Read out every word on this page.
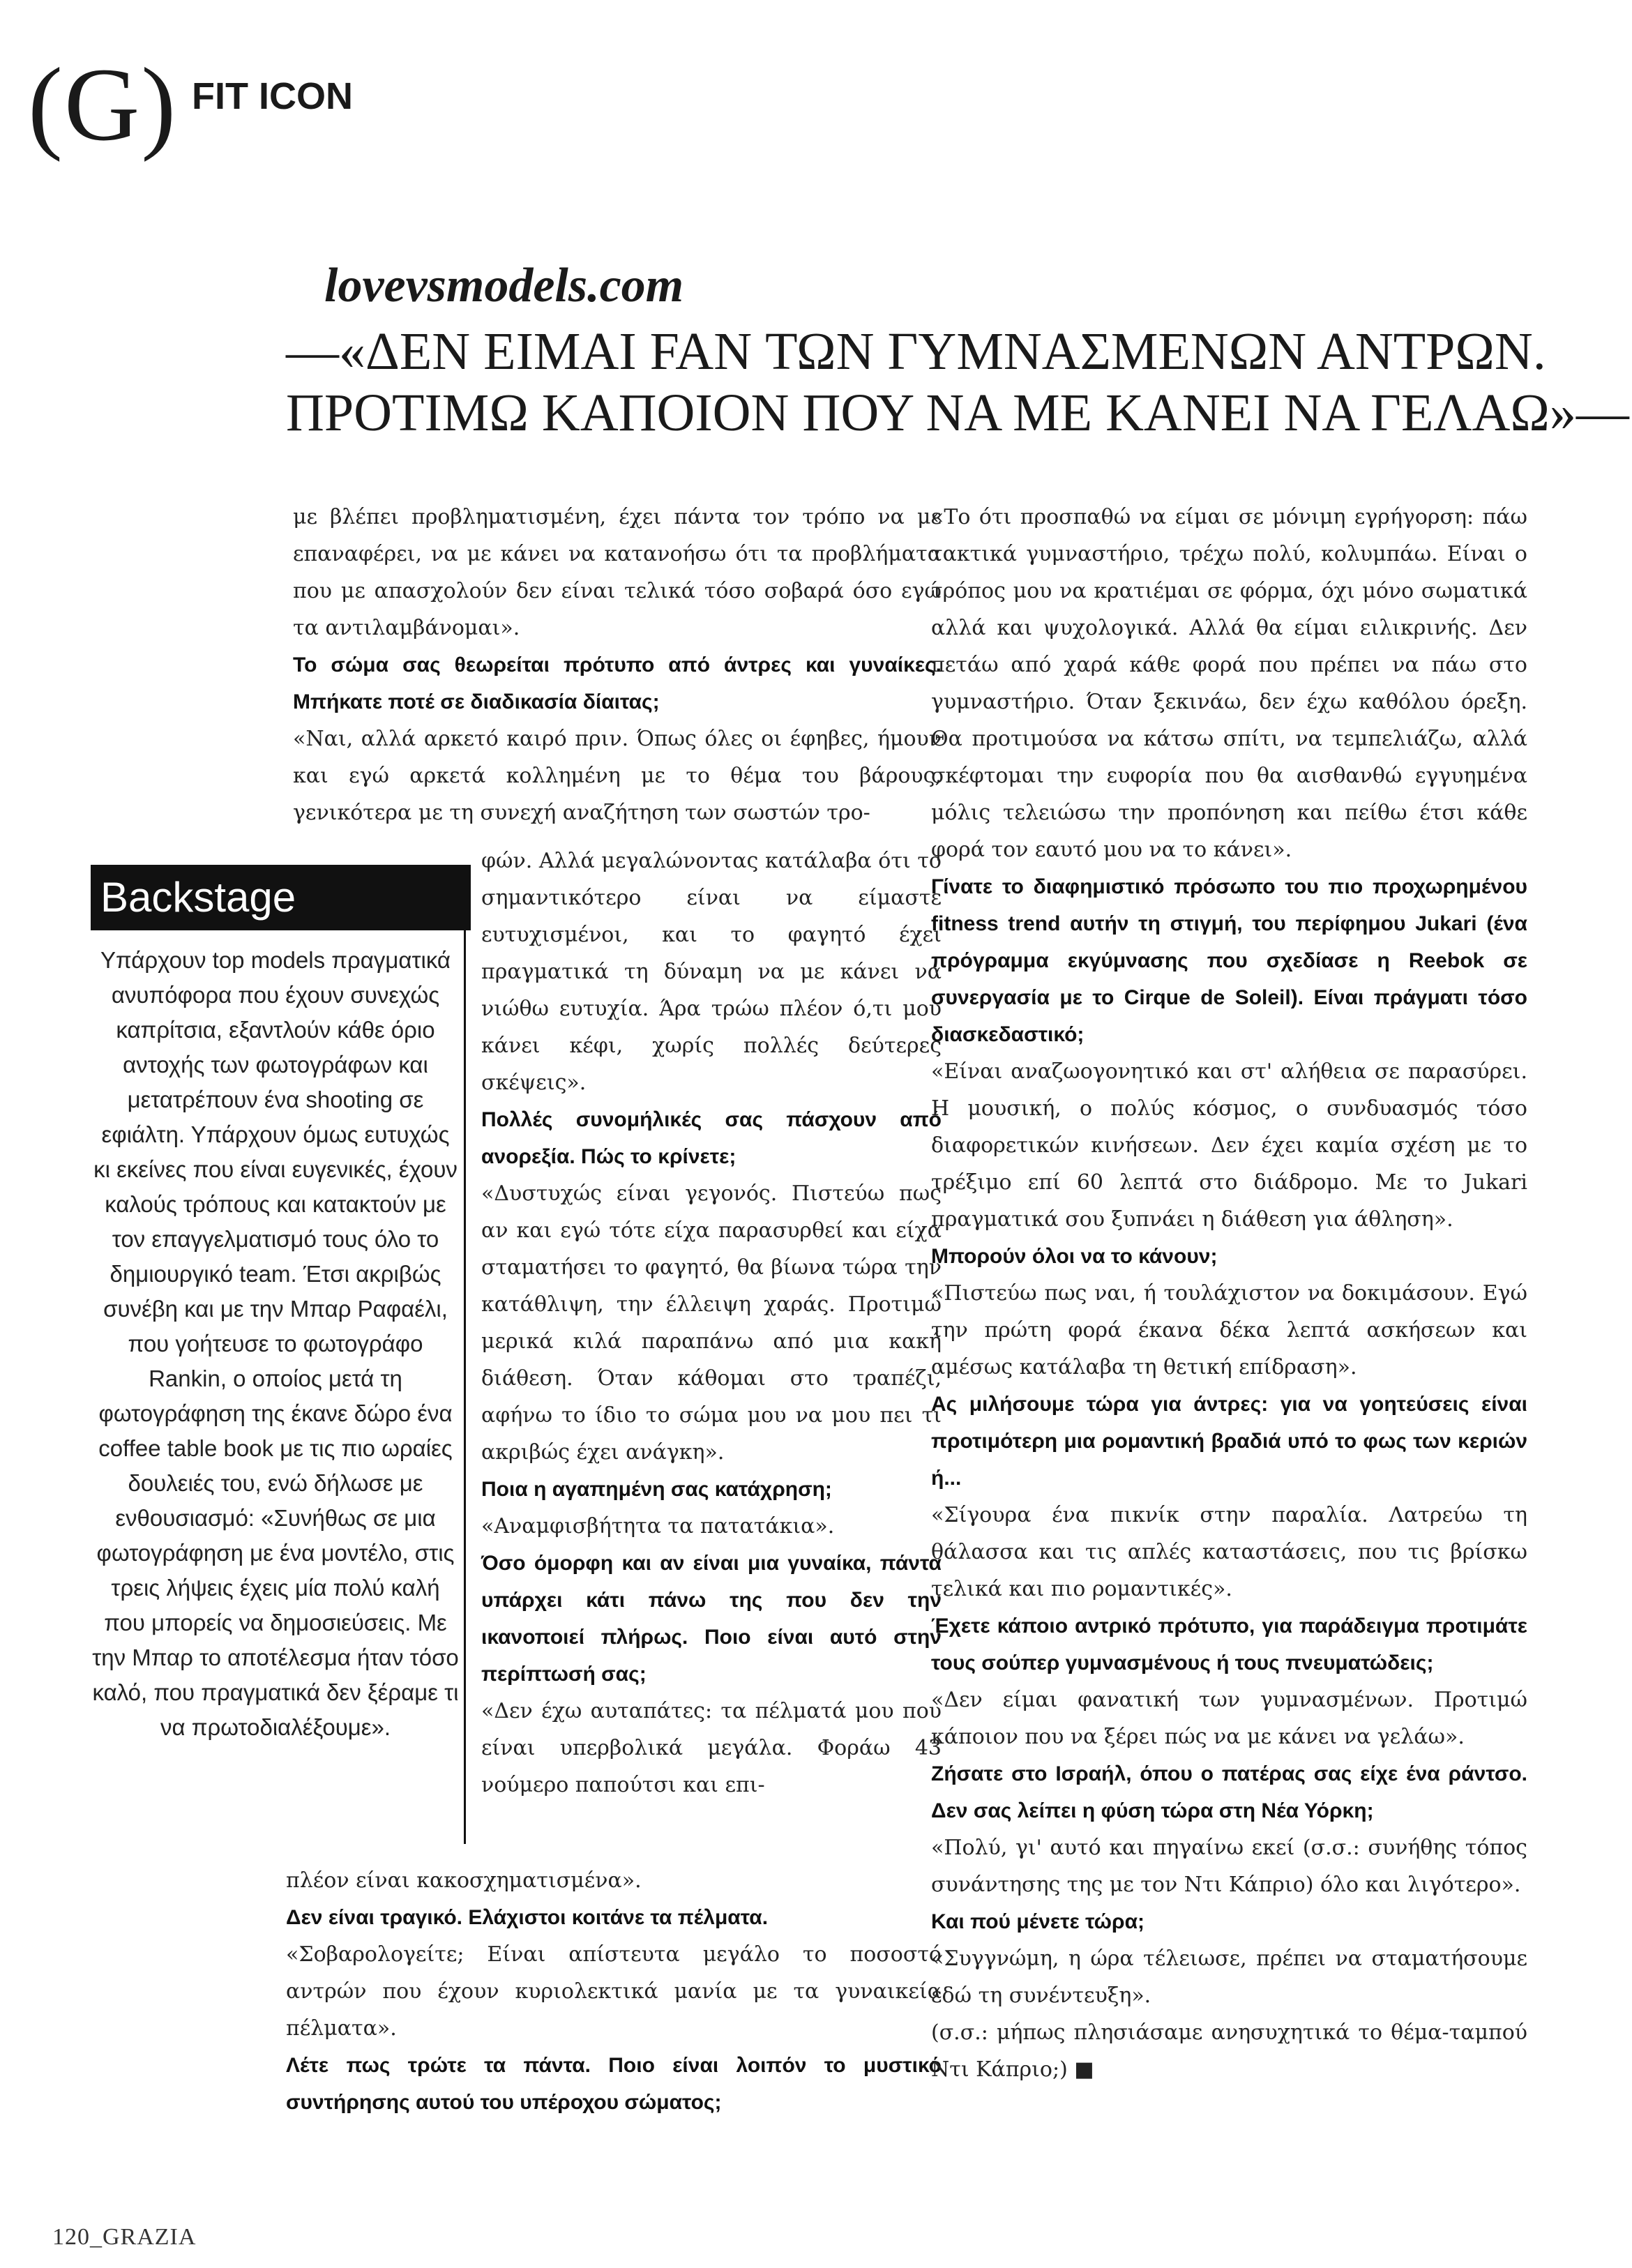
(G) FIT ICON
lovevsmodels.com
—«ΔΕΝ ΕΙΜΑΙ FAN ΤΩΝ ΓΥΜΝΑΣΜΕΝΩΝ ΑΝΤΡΩΝ.
ΠΡΟΤΙΜΩ ΚΑΠΟΙΟΝ ΠΟΥ ΝΑ ΜΕ ΚΑΝΕΙ ΝΑ ΓΕΛΑΩ»—

με βλέπει προβληματισμένη, έχει πάντα τον τρόπο να με επαναφέρει, να με κάνει να κατανοήσω ότι τα προβλήματα που με απασχολούν δεν είναι τελικά τόσο σοβαρά όσο εγώ τα αντιλαμβάνομαι».

Το σώμα σας θεωρείται πρότυπο από άντρες και γυναίκες. Μπήκατε ποτέ σε διαδικασία δίαιτας;

«Ναι, αλλά αρκετό καιρό πριν. Όπως όλες οι έφηβες, ήμουν και εγώ αρκετά κολλημένη με το θέμα του βάρους, γενικότερα με τη συνεχή αναζήτηση των σωστών τρο-

φών. Αλλά μεγαλώνοντας κατάλαβα ότι το σημαντικότερο είναι να είμαστε ευτυχισμένοι, και το φαγητό έχει πραγματικά τη δύναμη να με κάνει να νιώθω ευτυχία. Άρα τρώω πλέον ό,τι μου κάνει κέφι, χωρίς πολλές δεύτερες σκέψεις».

Πολλές συνομήλικές σας πάσχουν από ανορεξία. Πώς το κρίνετε;

«Δυστυχώς είναι γεγονός. Πιστεύω πως αν και εγώ τότε είχα παρασυρθεί και είχα σταματήσει το φαγητό, θα βίωνα τώρα την κατάθλιψη, την έλλειψη χαράς. Προτιμώ μερικά κιλά παραπάνω από μια κακή διάθεση. Όταν κάθομαι στο τραπέζι, αφήνω το ίδιο το σώμα μου να μου πει τι ακριβώς έχει ανάγκη».

Ποια η αγαπημένη σας κατάχρηση;

«Αναμφισβήτητα τα πατατάκια».

Όσο όμορφη και αν είναι μια γυναίκα, πάντα υπάρχει κάτι πάνω της που δεν την ικανοποιεί πλήρως. Ποιο είναι αυτό στην περίπτωσή σας;

«Δεν έχω αυταπάτες: τα πέλματά μου που είναι υπερβολικά μεγάλα. Φοράω 43 νούμερο παπούτσι και επι-

πλέον είναι κακοσχηματισμένα».

Δεν είναι τραγικό. Ελάχιστοι κοιτάνε τα πέλματα.

«Σοβαρολογείτε; Είναι απίστευτα μεγάλο το ποσοστό αντρών που έχουν κυριολεκτικά μανία με τα γυναικεία πέλματα».

Λέτε πως τρώτε τα πάντα. Ποιο είναι λοιπόν το μυστικό συντήρησης αυτού του υπέροχου σώματος;

«Το ότι προσπαθώ να είμαι σε μόνιμη εγρήγορση: πάω τακτικά γυμναστήριο, τρέχω πολύ, κολυμπάω. Είναι ο τρόπος μου να κρατιέμαι σε φόρμα, όχι μόνο σωματικά αλλά και ψυχολογικά. Αλλά θα είμαι ειλικρινής. Δεν πετάω από χαρά κάθε φορά που πρέπει να πάω στο γυμναστήριο. Όταν ξεκινάω, δεν έχω καθόλου όρεξη. Θα προτιμούσα να κάτσω σπίτι, να τεμπελιάζω, αλλά σκέφτομαι την ευφορία που θα αισθανθώ εγγυημένα μόλις τελειώσω την προπόνηση και πείθω έτσι κάθε φορά τον εαυτό μου να το κάνει».

Γίνατε το διαφημιστικό πρόσωπο του πιο προχωρημένου fitness trend αυτήν τη στιγμή, του περίφημου Jukari (ένα πρόγραμμα εκγύμνασης που σχεδίασε η Reebok σε συνεργασία με το Cirque de Soleil). Είναι πράγματι τόσο διασκεδαστικό;

«Είναι αναζωογονητικό και στ' αλήθεια σε παρασύρει. Η μουσική, ο πολύς κόσμος, ο συνδυασμός τόσο διαφορετικών κινήσεων. Δεν έχει καμία σχέση με το τρέξιμο επί 60 λεπτά στο διάδρομο. Με το Jukari πραγματικά σου ξυπνάει η διάθεση για άθληση».

Μπορούν όλοι να το κάνουν;

«Πιστεύω πως ναι, ή τουλάχιστον να δοκιμάσουν. Εγώ την πρώτη φορά έκανα δέκα λεπτά ασκήσεων και αμέσως κατάλαβα τη θετική επίδραση».

Ας μιλήσουμε τώρα για άντρες: για να γοητεύσεις είναι προτιμότερη μια ρομαντική βραδιά υπό το φως των κεριών ή...

«Σίγουρα ένα πικνίκ στην παραλία. Λατρεύω τη θάλασσα και τις απλές καταστάσεις, που τις βρίσκω τελικά και πιο ρομαντικές».

Έχετε κάποιο αντρικό πρότυπο, για παράδειγμα προτιμάτε τους σούπερ γυμνασμένους ή τους πνευματώδεις;

«Δεν είμαι φανατική των γυμνασμένων. Προτιμώ κάποιον που να ξέρει πώς να με κάνει να γελάω».

Ζήσατε στο Ισραήλ, όπου ο πατέρας σας είχε ένα ράντσο. Δεν σας λείπει η φύση τώρα στη Νέα Υόρκη;

«Πολύ, γι' αυτό και πηγαίνω εκεί (σ.σ.: συνήθης τόπος συνάντησης της με τον Ντι Κάπριο) όλο και λιγότερο».

Και πού μένετε τώρα;

«Συγγνώμη, η ώρα τέλειωσε, πρέπει να σταματήσουμε εδώ τη συνέντευξη».

(σ.σ.: μήπως πλησιάσαμε ανησυχητικά το θέμα-ταμπού Ντι Κάπριο;) ■

Backstage

Υπάρχουν top models πραγματικά ανυπόφορα που έχουν συνεχώς καπρίτσια, εξαντλούν κάθε όριο αντοχής των φωτογράφων και μετατρέπουν ένα shooting σε εφιάλτη. Υπάρχουν όμως ευτυχώς κι εκείνες που είναι ευγενικές, έχουν καλούς τρόπους και κατακτούν με τον επαγγελματισμό τους όλο το δημιουργικό team. Έτσι ακριβώς συνέβη και με την Μπαρ Ραφαέλι, που γοήτευσε το φωτογράφο Rankin, ο οποίος μετά τη φωτογράφηση της έκανε δώρο ένα coffee table book με τις πιο ωραίες δουλειές του, ενώ δήλωσε με ενθουσιασμό: «Συνήθως σε μια φωτογράφηση με ένα μοντέλο, στις τρεις λήψεις έχεις μία πολύ καλή που μπορείς να δημοσιεύσεις. Με την Μπαρ το αποτέλεσμα ήταν τόσο καλό, που πραγματικά δεν ξέραμε τι να πρωτοδιαλέξουμε».

120_GRAZIA
